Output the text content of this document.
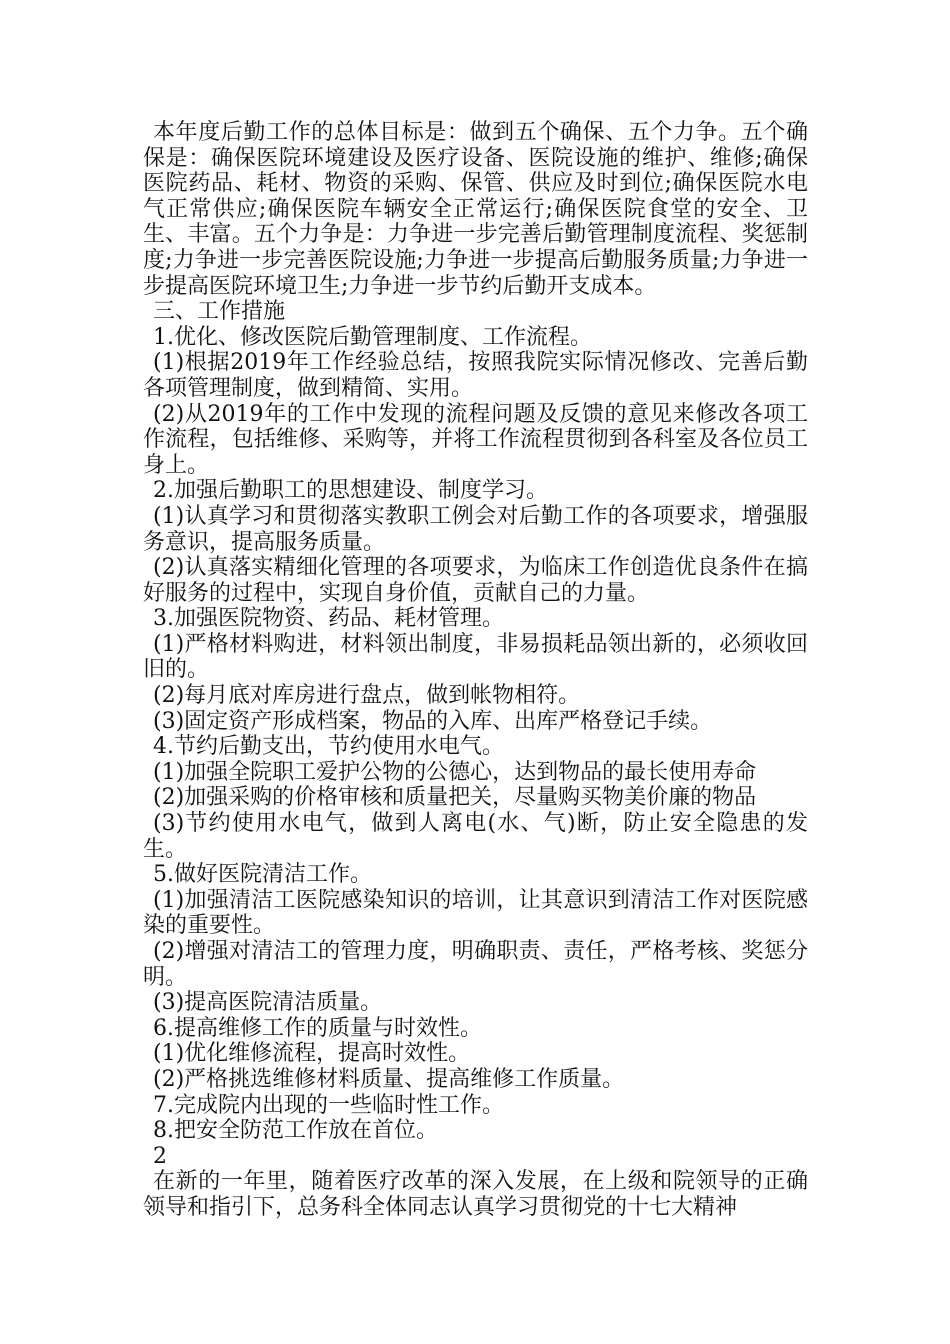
本年度后勤工作的总体目标是：做到五个确保、五个力争。五个确保是：确保医院环境建设及医疗设备、医院设施的维护、维修;确保医院药品、耗材、物资的采购、保管、供应及时到位;确保医院水电气正常供应;确保医院车辆安全正常运行;确保医院食堂的安全、卫生、丰富。五个力争是：力争进一步完善后勤管理制度流程、奖惩制度;力争进一步完善医院设施;力争进一步提高后勤服务质量;力争进一步提高医院环境卫生;力争进一步节约后勤开支成本。

三、工作措施

1.优化、修改医院后勤管理制度、工作流程。

(1)根据2019年工作经验总结，按照我院实际情况修改、完善后勤各项管理制度，做到精简、实用。

(2)从2019年的工作中发现的流程问题及反馈的意见来修改各项工作流程，包括维修、采购等，并将工作流程贯彻到各科室及各位员工身上。

2.加强后勤职工的思想建设、制度学习。

(1)认真学习和贯彻落实教职工例会对后勤工作的各项要求，增强服务意识，提高服务质量。

(2)认真落实精细化管理的各项要求，为临床工作创造优良条件在搞好服务的过程中，实现自身价值，贡献自己的力量。

3.加强医院物资、药品、耗材管理。

(1)严格材料购进，材料领出制度，非易损耗品领出新的，必须收回旧的。

(2)每月底对库房进行盘点，做到帐物相符。

(3)固定资产形成档案，物品的入库、出库严格登记手续。

4.节约后勤支出，节约使用水电气。

(1)加强全院职工爱护公物的公德心，达到物品的最长使用寿命

(2)加强采购的价格审核和质量把关，尽量购买物美价廉的物品

(3)节约使用水电气，做到人离电(水、气)断，防止安全隐患的发生。

5.做好医院清洁工作。

(1)加强清洁工医院感染知识的培训，让其意识到清洁工作对医院感染的重要性。

(2)增强对清洁工的管理力度，明确职责、责任，严格考核、奖惩分明。

(3)提高医院清洁质量。

6.提高维修工作的质量与时效性。

(1)优化维修流程，提高时效性。

(2)严格挑选维修材料质量、提高维修工作质量。

7.完成院内出现的一些临时性工作。

8.把安全防范工作放在首位。

2

在新的一年里，随着医疗改革的深入发展，在上级和院领导的正确领导和指引下，总务科全体同志认真学习贯彻党的十七大精神
